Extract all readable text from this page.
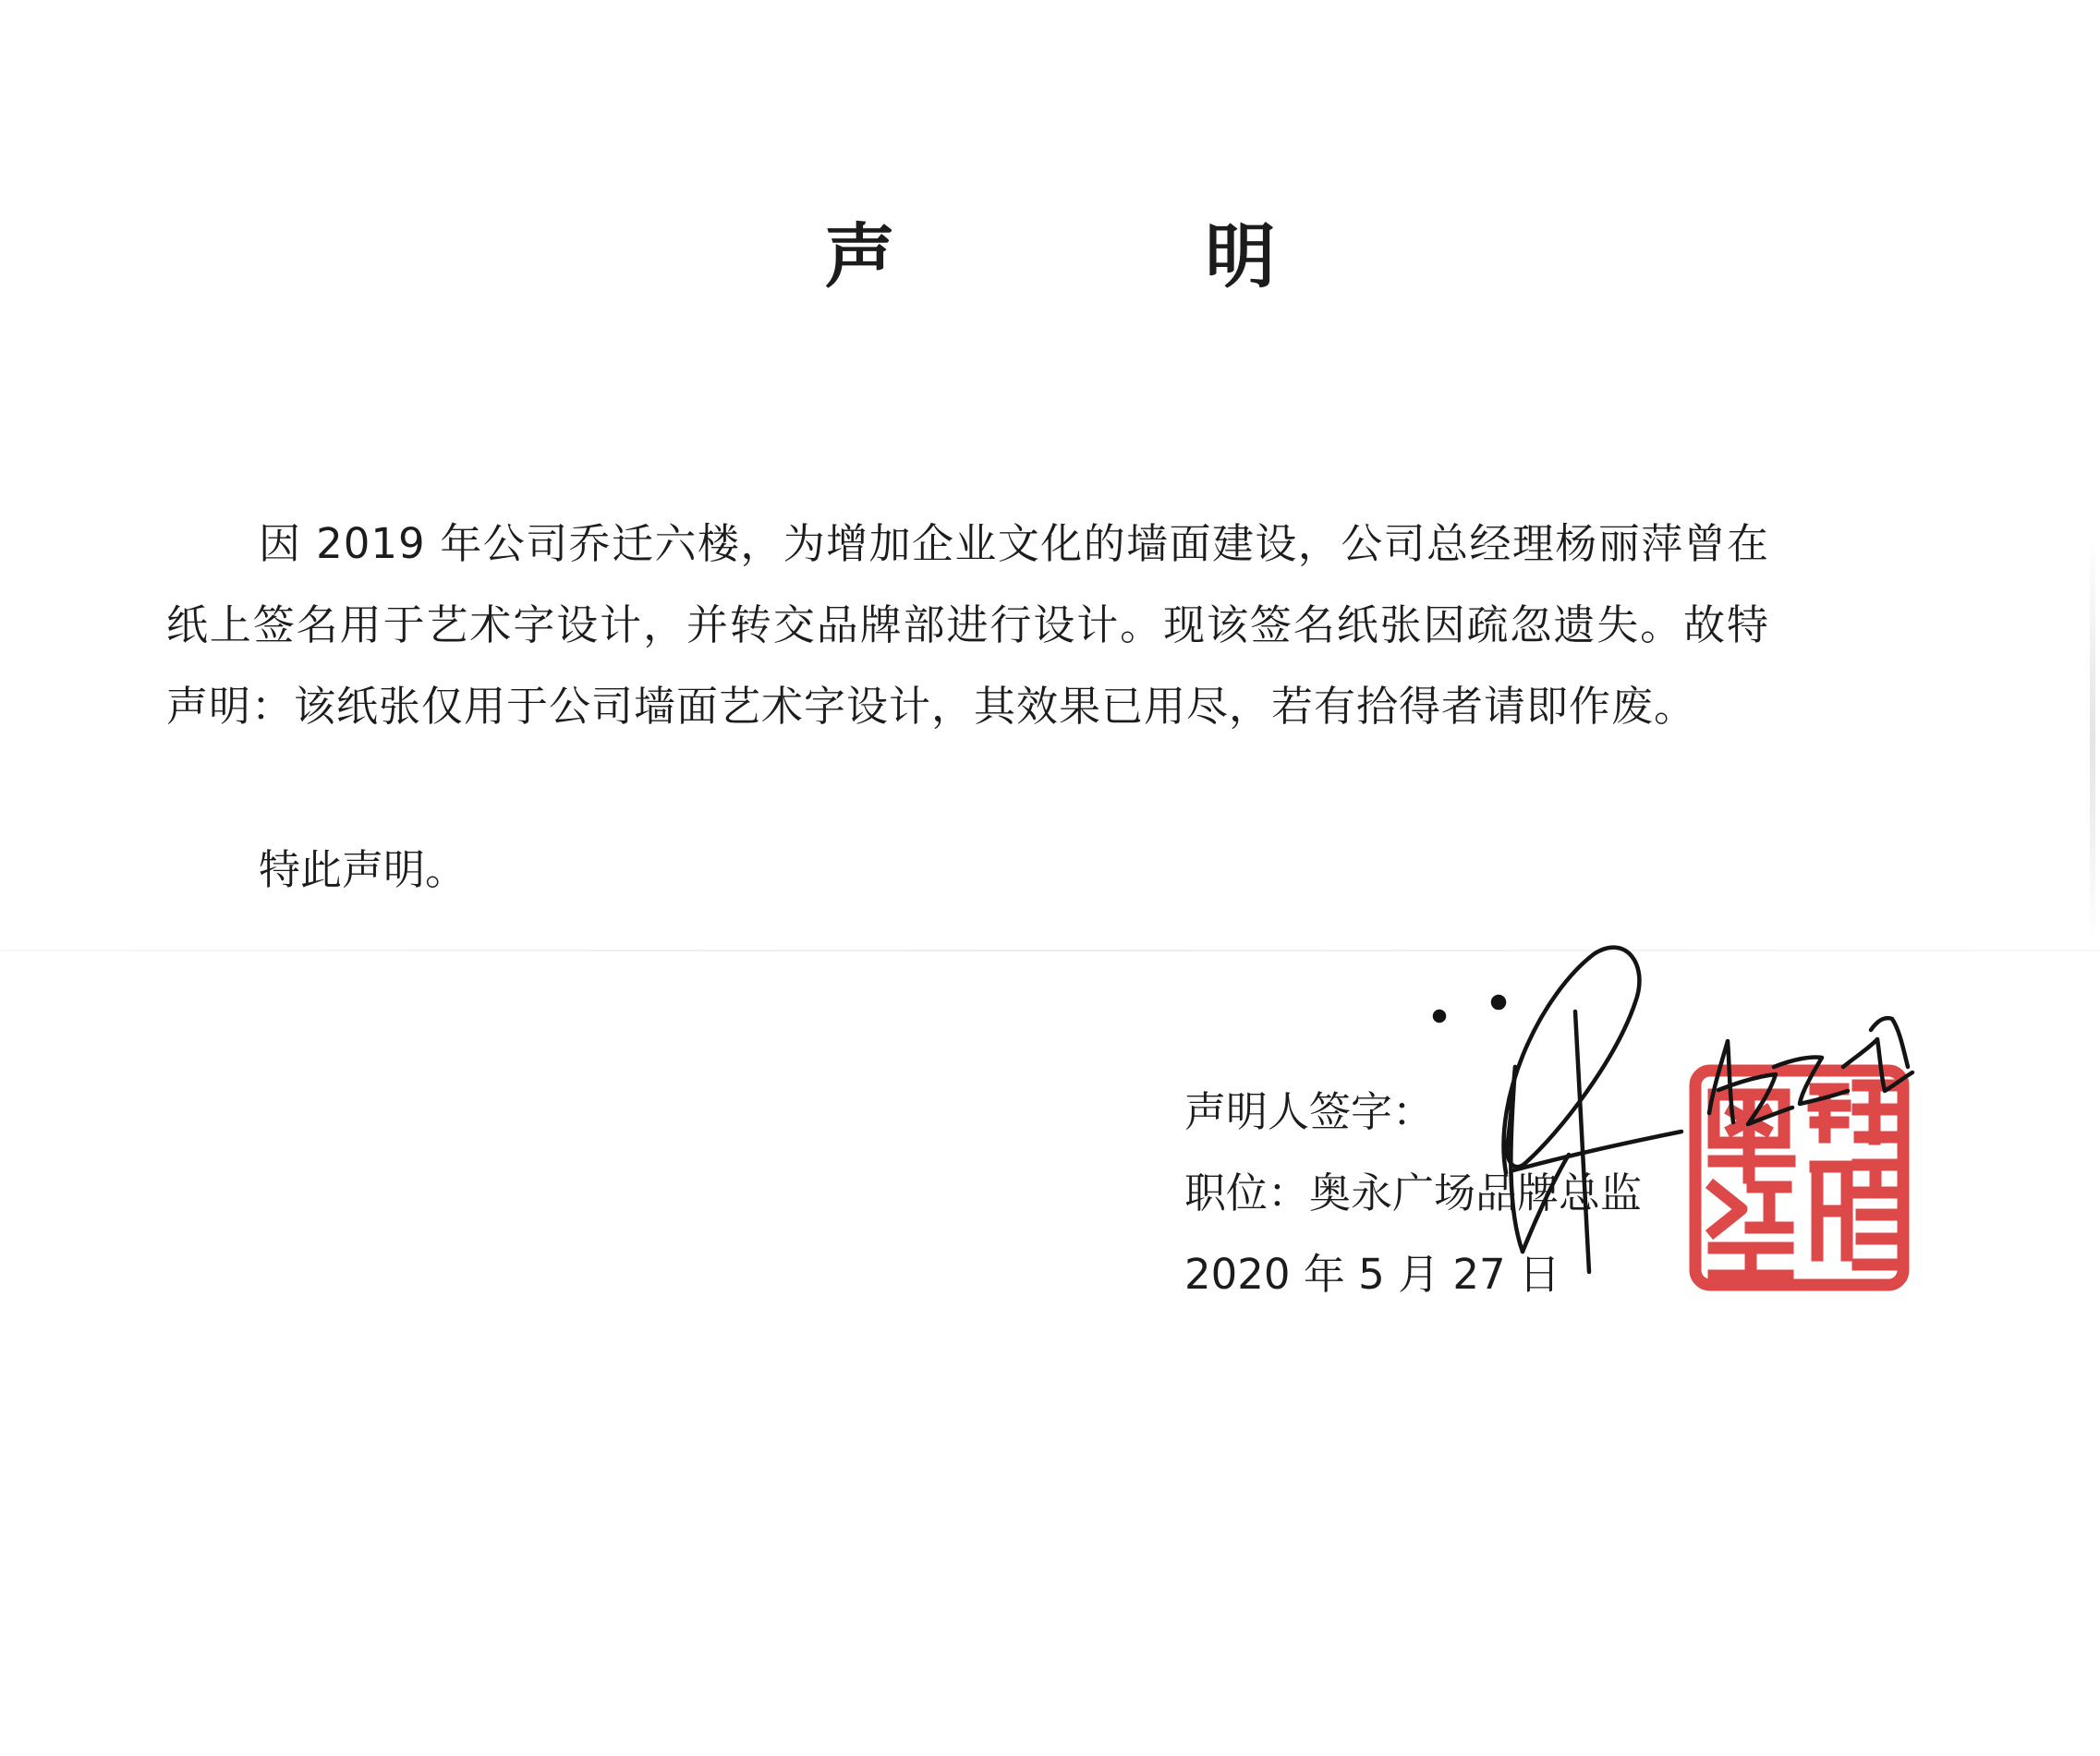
声　明

因 2019 年公司乔迁六楼，为增加企业文化的墙面建设，公司总经理杨丽萍曾在纸上签名用于艺术字设计，并转交品牌部进行设计。现该签名纸张因疏忽遗失。故特声明：该纸张仅用于公司墙面艺术字设计，其效果已用尽，若有拾得者请即作废。

特此声明。

声明人签字：
职位：奥永广场品牌总监
2020 年 5 月 27 日
